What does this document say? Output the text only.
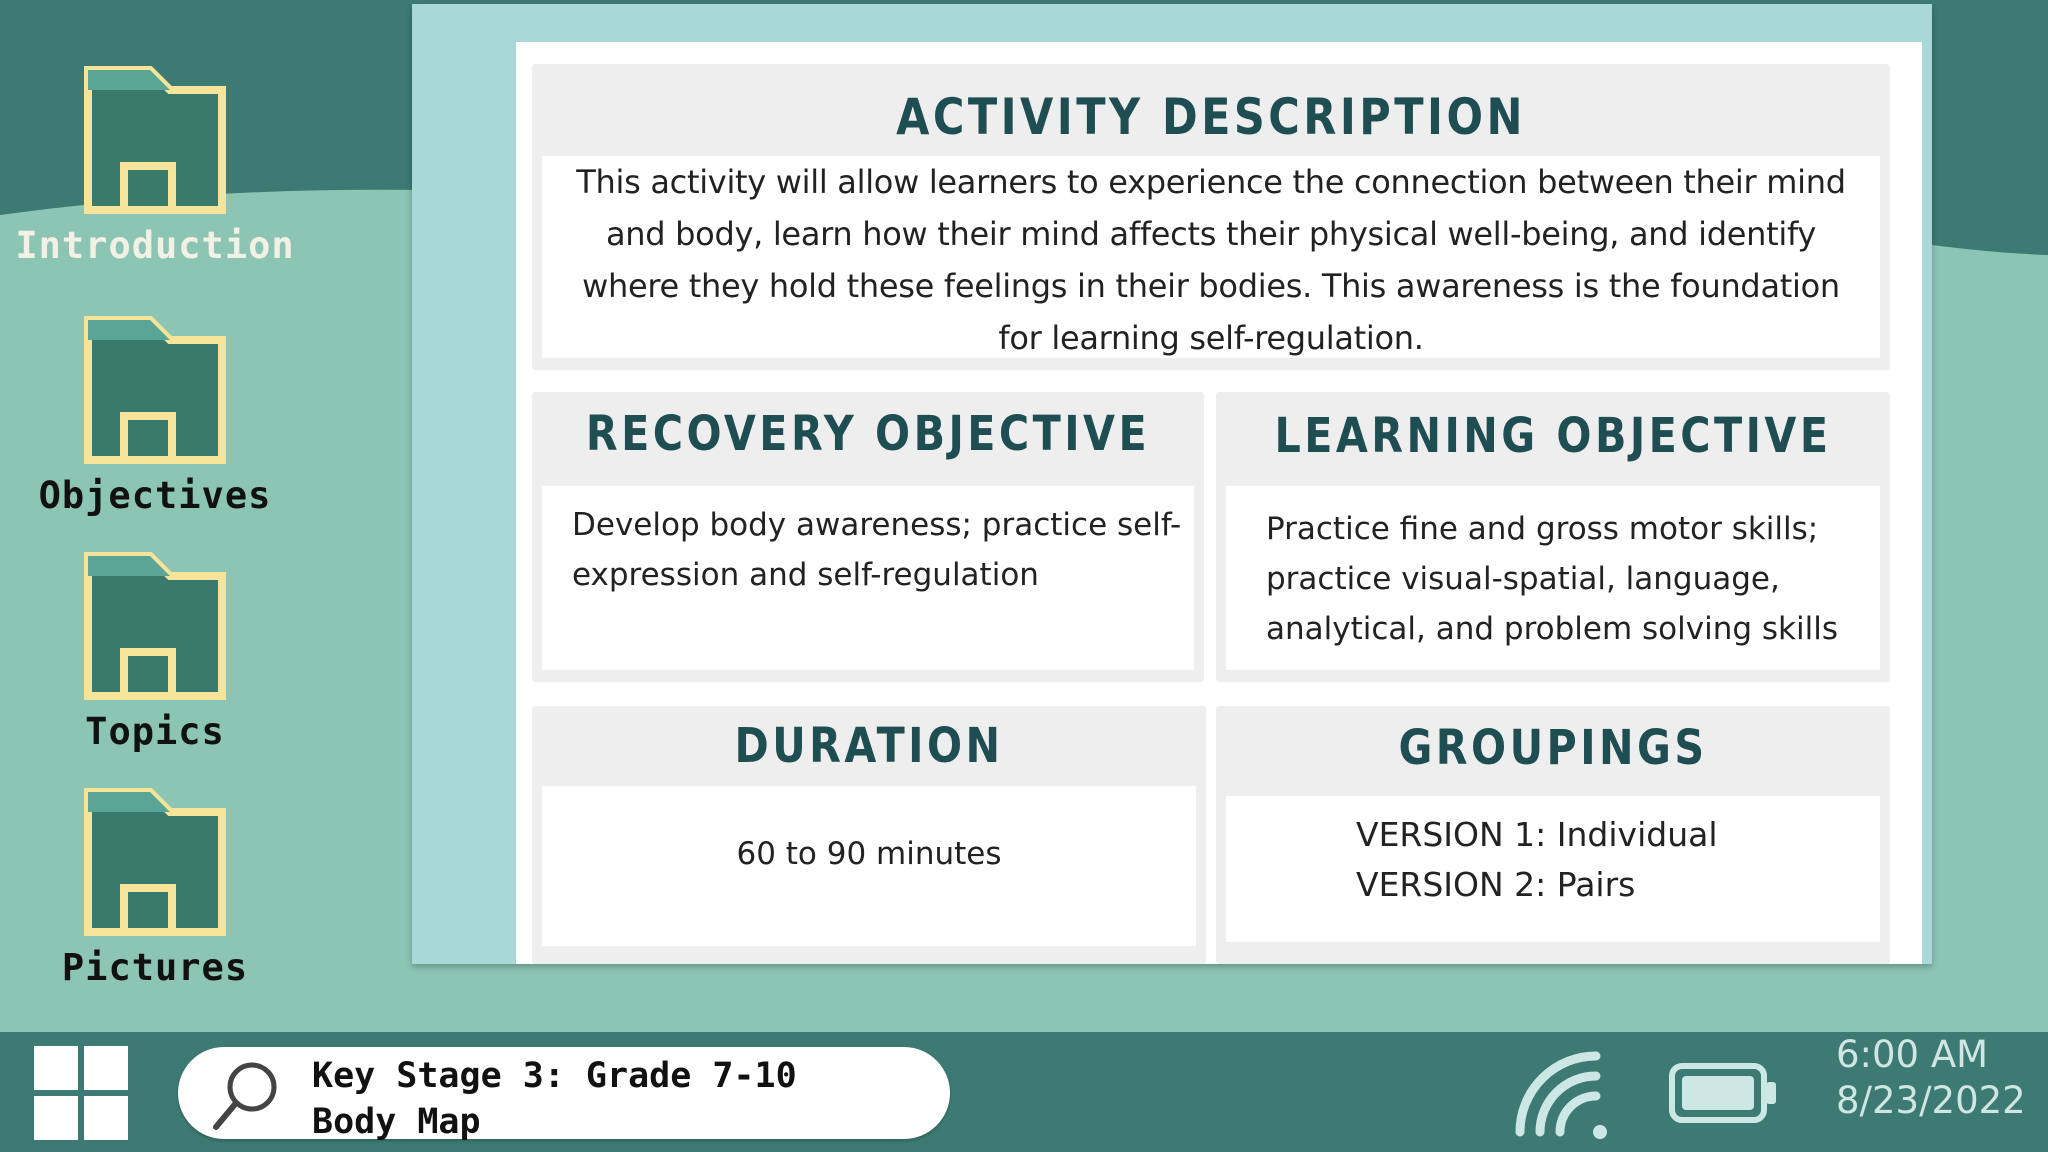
Introduction
Objectives
Topics
Pictures
ACTIVITY DESCRIPTION
This activity will allow learners to experience the connection between their mind and body, learn how their mind affects their physical well-being, and identify where they hold these feelings in their bodies. This awareness is the foundation for learning self-regulation.
RECOVERY OBJECTIVE
Develop body awareness; practice self-
expression and self-regulation
LEARNING OBJECTIVE
Practice fine and gross motor skills;
practice visual-spatial, language,
analytical, and problem solving skills
DURATION
60 to 90 minutes
GROUPINGS
VERSION 1: Individual
VERSION 2: Pairs
Key Stage 3: Grade 7-10
Body Map
6:00 AM
8/23/2022
